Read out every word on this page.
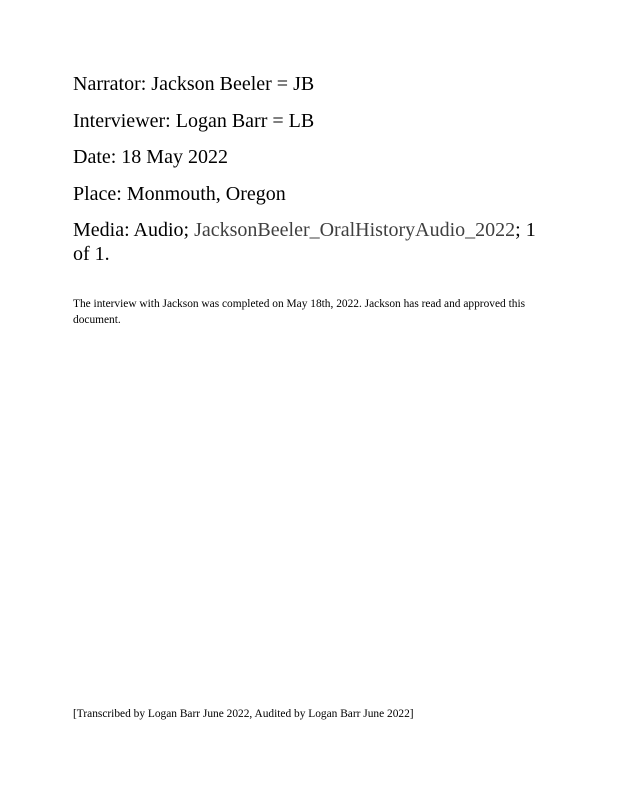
Narrator: Jackson Beeler = JB

Interviewer: Logan Barr = LB

Date: 18 May 2022

Place: Monmouth, Oregon

Media: Audio; JacksonBeeler_OralHistoryAudio_2022; 1 of 1.

The interview with Jackson was completed on May 18th, 2022. Jackson has read and approved this document.

[Transcribed by Logan Barr June 2022, Audited by Logan Barr June 2022]
